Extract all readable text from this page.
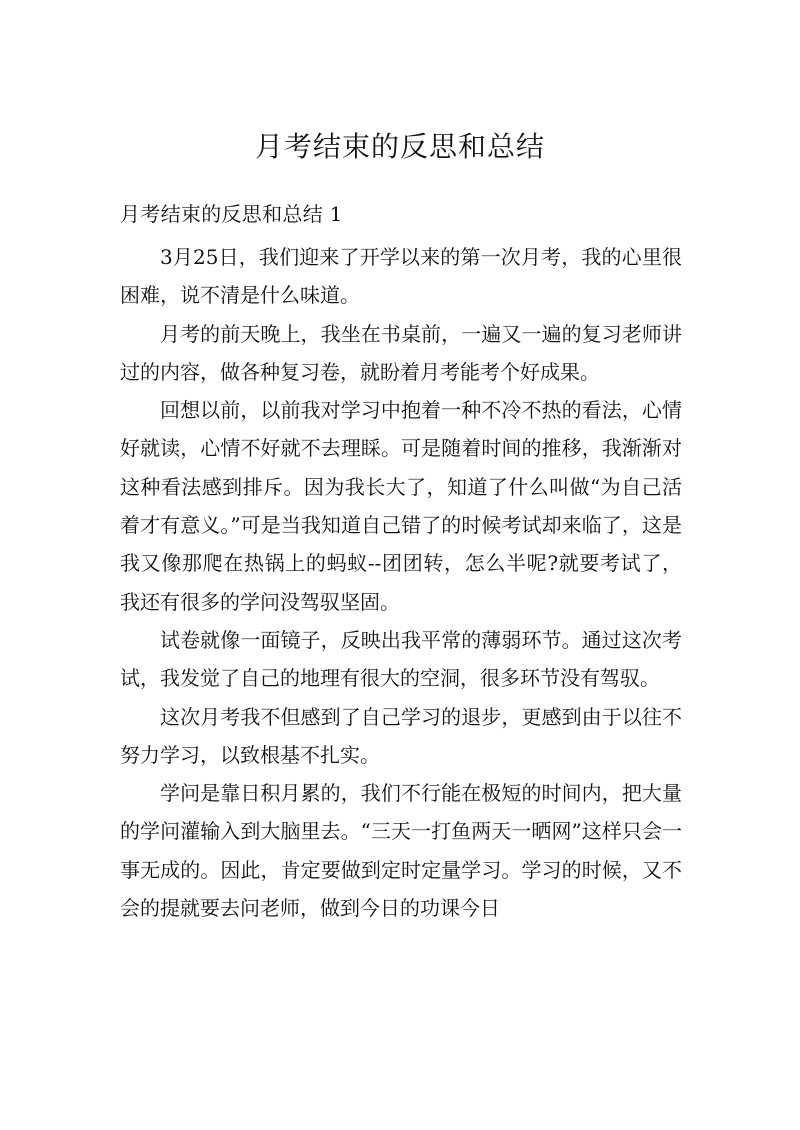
月考结束的反思和总结

月考结束的反思和总结 1

3月25日，我们迎来了开学以来的第一次月考，我的心里很困难，说不清是什么味道。

月考的前天晚上，我坐在书桌前，一遍又一遍的复习老师讲过的内容，做各种复习卷，就盼着月考能考个好成果。

回想以前，以前我对学习中抱着一种不冷不热的看法，心情好就读，心情不好就不去理睬。可是随着时间的推移，我渐渐对这种看法感到排斥。因为我长大了，知道了什么叫做“为自己活着才有意义。”可是当我知道自己错了的时候考试却来临了，这是我又像那爬在热锅上的蚂蚁--团团转，怎么半呢?就要考试了，我还有很多的学问没驾驭坚固。

试卷就像一面镜子，反映出我平常的薄弱环节。通过这次考试，我发觉了自己的地理有很大的空洞，很多环节没有驾驭。

这次月考我不但感到了自己学习的退步，更感到由于以往不努力学习，以致根基不扎实。

学问是靠日积月累的，我们不行能在极短的时间内，把大量的学问灌输入到大脑里去。“三天一打鱼两天一晒网”这样只会一事无成的。因此，肯定要做到定时定量学习。学习的时候，又不会的提就要去问老师，做到今日的功课今日
